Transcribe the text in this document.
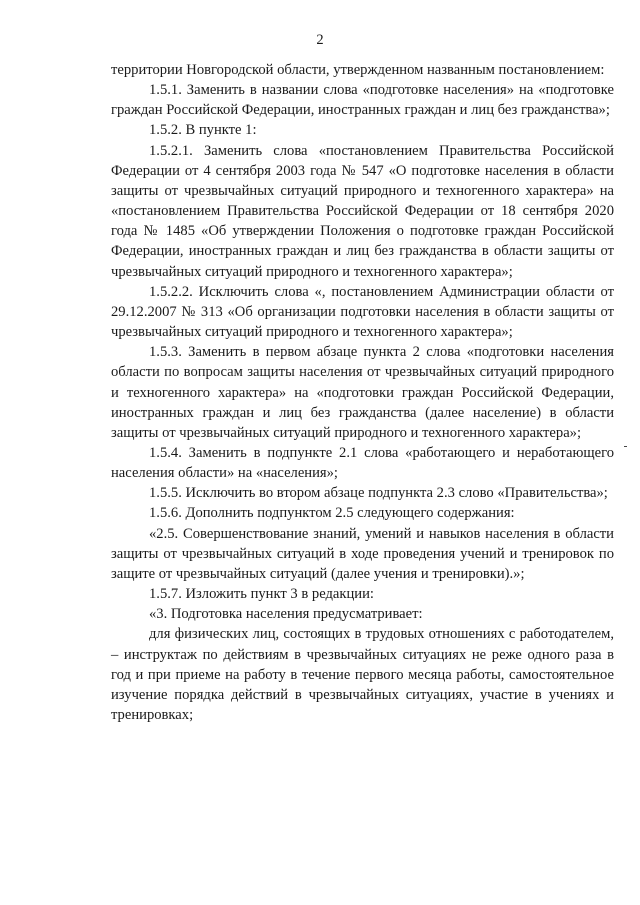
2

территории Новгородской области, утвержденном названным постановлением:

1.5.1. Заменить в названии слова «подготовке населения» на «подготовке граждан Российской Федерации, иностранных граждан и лиц без гражданства»;

1.5.2. В пункте 1:

1.5.2.1. Заменить слова «постановлением Правительства Российской Федерации от 4 сентября 2003 года № 547 «О подготовке населения в области защиты от чрезвычайных ситуаций природного и техногенного характера» на «постановлением Правительства Российской Федерации от 18 сентября 2020 года № 1485 «Об утверждении Положения о подготовке граждан Российской Федерации, иностранных граждан и лиц без гражданства в области защиты от чрезвычайных ситуаций природного и техногенного характера»;

1.5.2.2. Исключить слова «, постановлением Администрации области от 29.12.2007 № 313 «Об организации подготовки населения в области защиты от чрезвычайных ситуаций природного и техногенного характера»;

1.5.3. Заменить в первом абзаце пункта 2 слова «подготовки населения области по вопросам защиты населения от чрезвычайных ситуаций природного и техногенного характера» на «подготовки граждан Российской Федерации, иностранных граждан и лиц без гражданства (далее население) в области защиты от чрезвычайных ситуаций природного и техногенного характера»;

1.5.4. Заменить в подпункте 2.1 слова «работающего и неработающего населения области» на «населения»;

1.5.5. Исключить во втором абзаце подпункта 2.3 слово «Правительства»;

1.5.6. Дополнить подпунктом 2.5 следующего содержания:

«2.5. Совершенствование знаний, умений и навыков населения в области защиты от чрезвычайных ситуаций в ходе проведения учений и тренировок по защите от чрезвычайных ситуаций (далее учения и тренировки).»;

1.5.7. Изложить пункт 3 в редакции:

«3. Подготовка населения предусматривает:

для физических лиц, состоящих в трудовых отношениях с работодателем, – инструктаж по действиям в чрезвычайных ситуациях не реже одного раза в год и при приеме на работу в течение первого месяца работы, самостоятельное изучение порядка действий в чрезвычайных ситуациях, участие в учениях и тренировках;
